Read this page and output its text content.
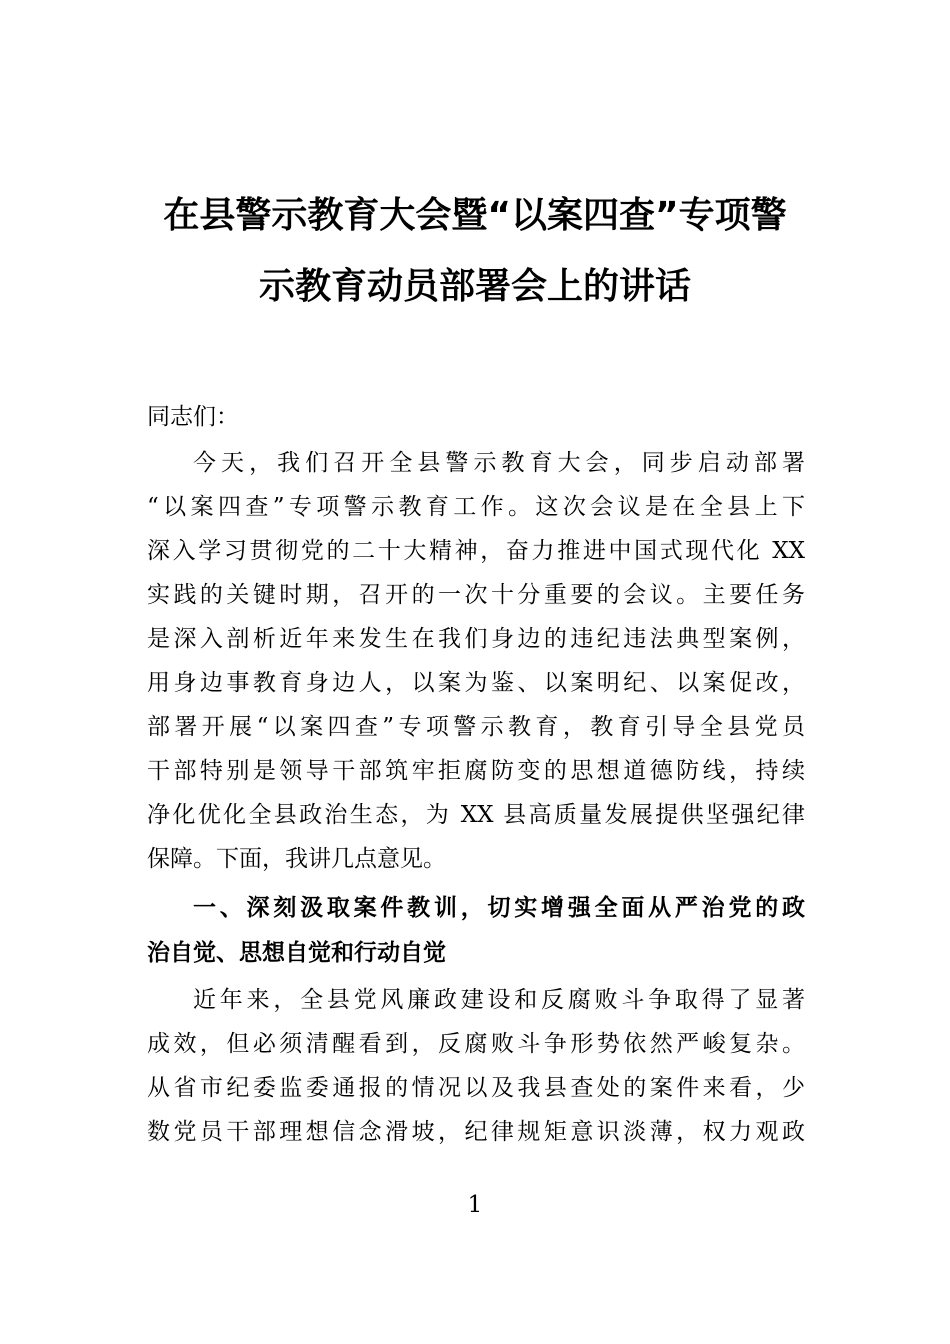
在县警示教育大会暨“以案四查”专项警
示教育动员部署会上的讲话
同志们：
今天，我们召开全县警示教育大会，同步启动部署
“以案四查”专项警示教育工作。这次会议是在全县上下
深入学习贯彻党的二十大精神，奋力推进中国式现代化 XX
实践的关键时期，召开的一次十分重要的会议。主要任务
是深入剖析近年来发生在我们身边的违纪违法典型案例，
用身边事教育身边人，以案为鉴、以案明纪、以案促改，
部署开展“以案四查”专项警示教育，教育引导全县党员
干部特别是领导干部筑牢拒腐防变的思想道德防线，持续
净化优化全县政治生态，为 XX 县高质量发展提供坚强纪律
保障。下面，我讲几点意见。
一、深刻汲取案件教训，切实增强全面从严治党的政
治自觉、思想自觉和行动自觉
近年来，全县党风廉政建设和反腐败斗争取得了显著
成效，但必须清醒看到，反腐败斗争形势依然严峻复杂。
从省市纪委监委通报的情况以及我县查处的案件来看，少
数党员干部理想信念滑坡，纪律规矩意识淡薄，权力观政
1
